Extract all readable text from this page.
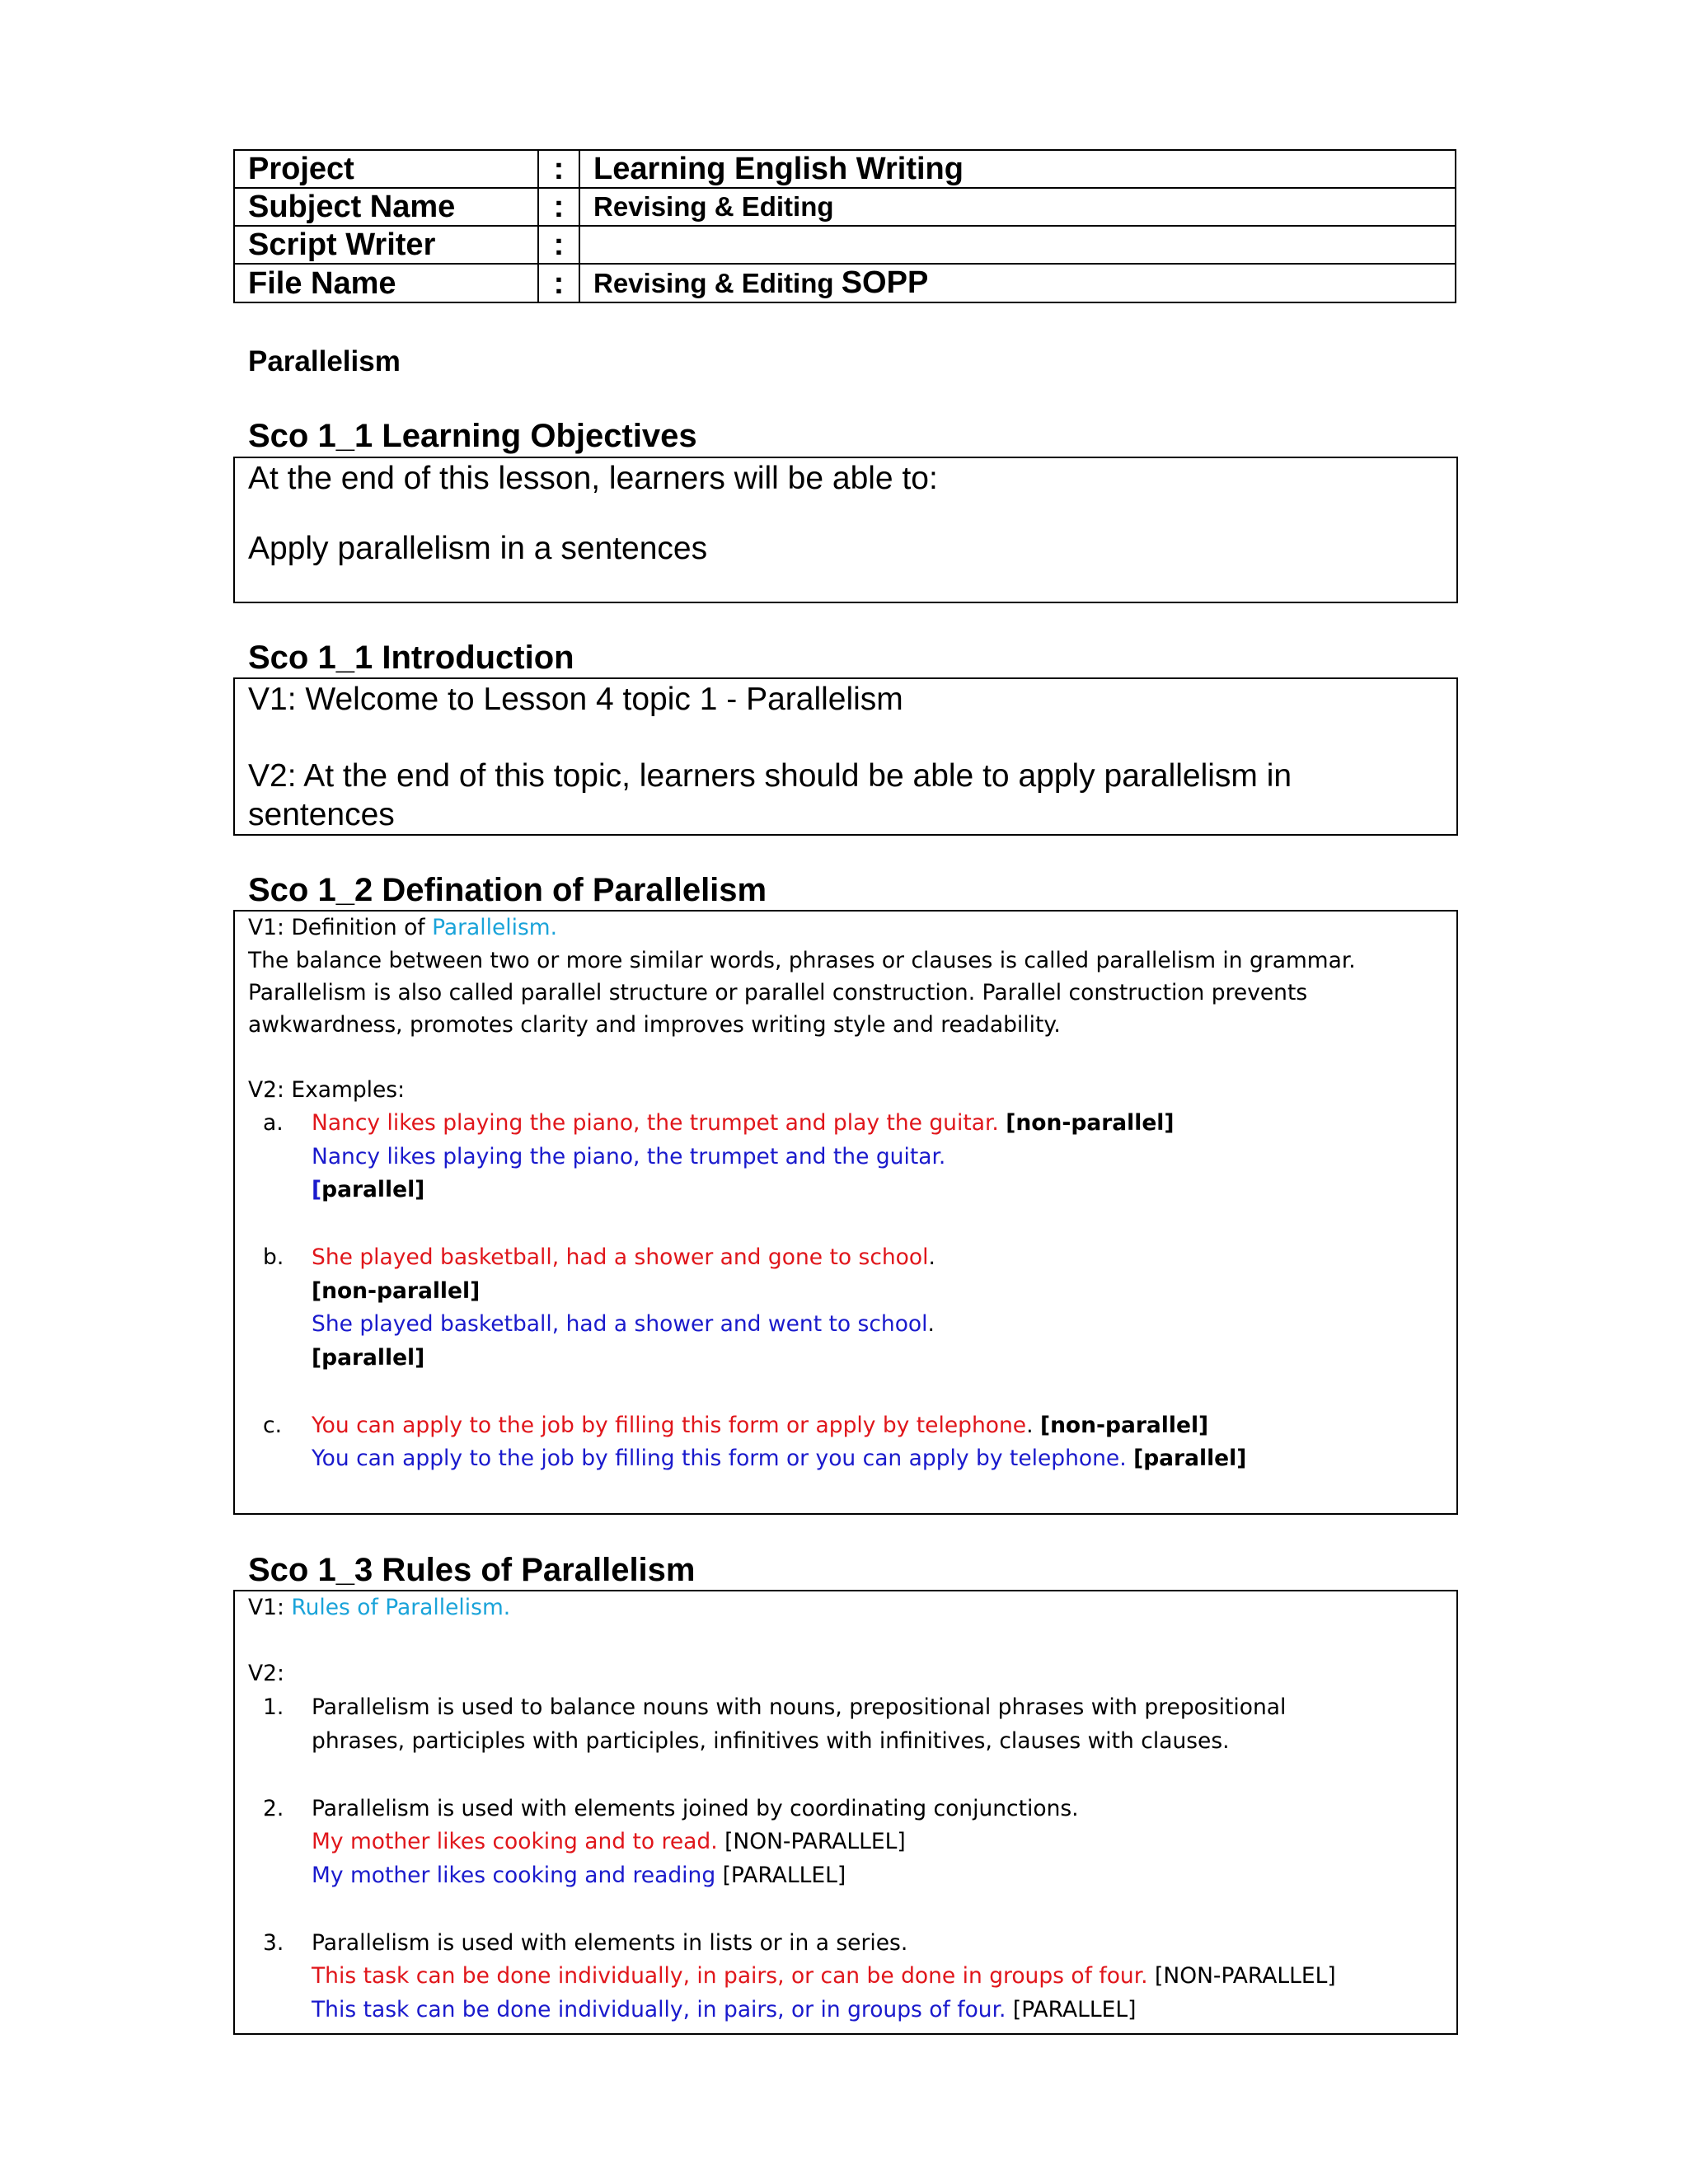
Project	:	Learning English Writing
Subject Name	:	Revising & Editing
Script Writer	:	
File Name	:	Revising & Editing SOPP
Parallelism
Sco 1_1 Learning Objectives
At the end of this lesson, learners will be able to:
Apply parallelism in a sentences
Sco 1_1 Introduction
V1: Welcome to Lesson 4 topic 1 - Parallelism
V2: At the end of this topic, learners should be able to apply parallelism in
sentences
Sco 1_2 Defination of Parallelism
V1: Definition of Parallelism.
The balance between two or more similar words, phrases or clauses is called parallelism in grammar.
Parallelism is also called parallel structure or parallel construction. Parallel construction prevents
awkwardness, promotes clarity and improves writing style and readability.
V2: Examples:
a. Nancy likes playing the piano, the trumpet and play the guitar. [non-parallel]
Nancy likes playing the piano, the trumpet and the guitar.
[parallel]
b. She played basketball, had a shower and gone to school.
[non-parallel]
She played basketball, had a shower and went to school.
[parallel]
c. You can apply to the job by filling this form or apply by telephone. [non-parallel]
You can apply to the job by filling this form or you can apply by telephone. [parallel]
Sco 1_3 Rules of Parallelism
V1: Rules of Parallelism.
V2:
1. Parallelism is used to balance nouns with nouns, prepositional phrases with prepositional
phrases, participles with participles, infinitives with infinitives, clauses with clauses.
2. Parallelism is used with elements joined by coordinating conjunctions.
My mother likes cooking and to read. [NON-PARALLEL]
My mother likes cooking and reading [PARALLEL]
3. Parallelism is used with elements in lists or in a series.
This task can be done individually, in pairs, or can be done in groups of four. [NON-PARALLEL]
This task can be done individually, in pairs, or in groups of four. [PARALLEL]
